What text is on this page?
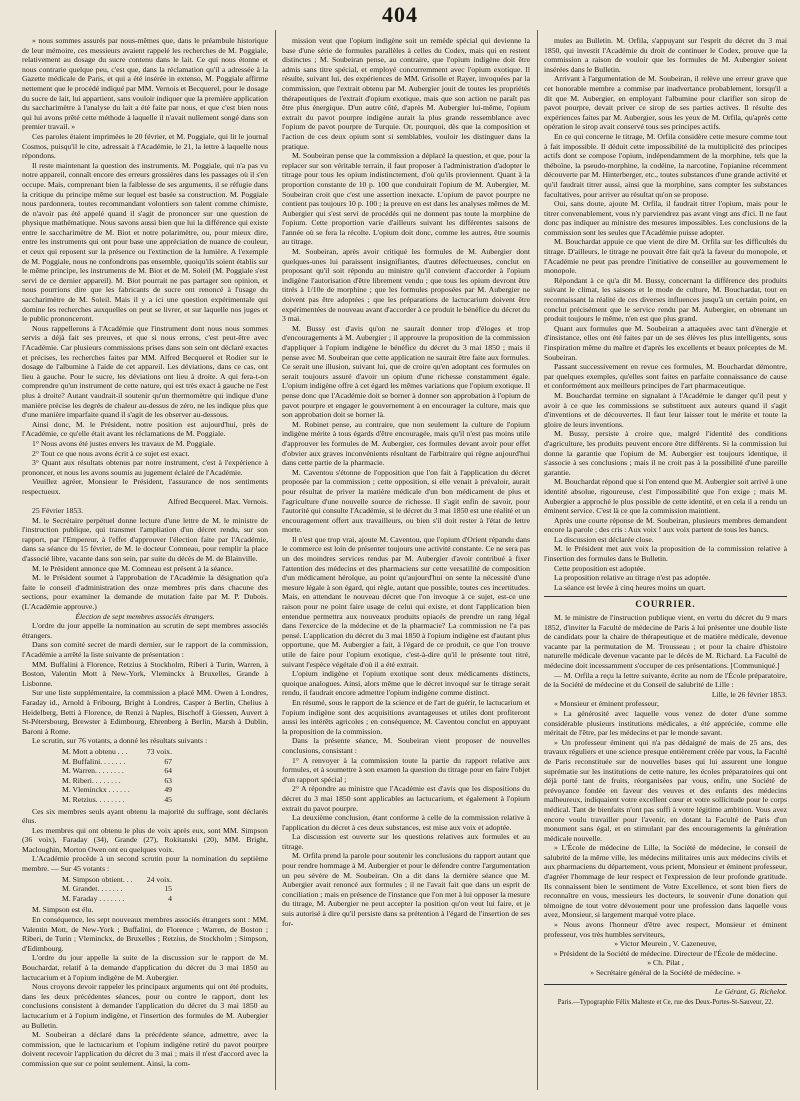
404

» nous sommes assurés par nous-mêmes que, dans le préambule historique de leur mémoire, ces messieurs avaient rappelé les recherches de M. Poggiale, relativement au dosage du sucre contenu dans le lait. Ce qui nous étonne et nous contrarie quelque peu, c'est que, dans la réclamation qu'il a adressée à la Gazette médicale de Paris, et qui a été insérée in extenso, M. Poggiale affirme nettement que le procédé indiqué par MM. Vernois et Becquerel, pour le dosage du sucre de lait, lui appartient, sans vouloir indiquer que la première application du saccharimètre à l'analyse du lait a été faite par nous, et que c'est bien nous qui lui avons prêté cette méthode à laquelle il n'avait nullement songé dans son premier travail. »

Ces paroles étaient imprimées le 20 février, et M. Poggiale, qui lit le journal Cosmos, puisqu'il le cite, adressait à l'Académie, le 21, la lettre à laquelle nous répondons.

Il reste maintenant la question des instruments. M. Poggiale, qui n'a pas vu notre appareil, connaît encore des erreurs grossières dans les passages où il s'en occupe. Mais, comprenant bien la faiblesse de ses arguments, il se réfugie dans la critique du principe même sur lequel est basée sa construction. M. Poggiale nous pardonnera, toutes recommandant volontiers son talent comme chimiste, de n'avoir pas été appelé quand il s'agit de prononcer sur une question de physique mathématique. Nous savons aussi bien que lui la différence qui existe entre le saccharimètre de M. Biot et notre polarimètre, ou, pour mieux dire, entre les instruments qui ont pour base une appréciation de nuance de couleur, et ceux qui reposent sur la présence ou l'extinction de la lumière. A l'exemple de M. Poggiale, nous ne confondrons pas ensemble, quoiqu'ils soient établis sur le même principe, les instruments de M. Biot et de M. Soleil (M. Poggiale s'est servi de ce dernier appareil). M. Biot pourrait ne pas partager son opinion, et nous pourrions dire que les fabricants de sucre ont renoncé à l'usage du saccharimètre de M. Soleil. Mais il y a ici une question expérimentale qui domine les recherches auxquelles on peut se livrer, et sur laquelle nos juges et le public prononceront.

Nous rappellerons à l'Académie que l'instrument dont nous nous sommes servis a déjà fait ses preuves, et que si nous errons, c'est peut-être avec l'Académie. Car plusieurs commissions prises dans son sein ont déclaré exactes et précises, les recherches faites par MM. Alfred Becquerel et Rodier sur le dosage de l'albumine à l'aide de cet appareil. Les déviations, dans ce cas, ont lieu à gauche. Pour le sucre, les déviations ont lieu à droite. A qui fera-t-on comprendre qu'un instrument de cette nature, qui est très exact à gauche ne l'est plus à droite? Autant vaudrait-il soutenir qu'un thermomètre qui indique d'une manière précise les degrés de chaleur au-dessus de zéro, ne les indique plus que d'une manière imparfaite quand il s'agit de les observer au-dessous.

Ainsi donc, M. le Président, notre position est aujourd'hui, près de l'Académie, ce qu'elle était avant les réclamations de M. Poggiale.

1° Nous avons été justes envers les travaux de M. Poggiale.

2° Tout ce que nous avons écrit à ce sujet est exact.

3° Quant aux résultats obtenus par notre instrument, c'est à l'expérience à prononcer, et nous les avons soumis au jugement éclairé de l'Académie.

Veuillez agréer, Monsieur le Président, l'assurance de nos sentiments respectueux.

Alfred Becquerel. Max. Vernois.

25 Février 1853.

M. le Secrétaire perpétuel donne lecture d'une lettre de M. le ministre de l'instruction publique, qui transmet l'ampliation d'un décret rendu, sur son rapport, par l'Empereur, à l'effet d'approuver l'élection faite par l'Académie, dans sa séance du 15 février, de M. le docteur Comneau, pour remplir la place d'associé libre, vacante dans son sein, par suite du décès de M. de Blainville.

M. le Président annonce que M. Comneau est présent à la séance.

M. le Président soumet à l'approbation de l'Académie la désignation qu'a faite le conseil d'administration des onze membres pris dans chacune des sections, pour examiner la demande de mutation faite par M. P. Dubois. (L'Académie approuve.)

Élection de sept membres associés étrangers.

L'ordre du jour appelle la nomination au scrutin de sept membres associés étrangers.

Dans son comité secret de mardi dernier, sur le rapport de la commission, l'Académie a arrêté la liste suivante de présentation :

MM. Buffalini à Florence, Retzius à Stockholm, Riberi à Turin, Warren, à Boston, Valentin Mott à New-York, Vleminckx à Bruxelles, Grande à Lisbonne.

Sur une liste supplémentaire, la commission a placé MM. Owen à Londres, Faraday id., Arnold à Fribourg, Bright à Londres, Casper à Berlin, Chelius à Heidelberg, Betti à Florence, de Renzi à Naples, Bischoff à Giessen, Auvert à St-Pétersbourg, Brewster à Edimbourg, Ehrenberg à Berlin, Marsh à Dublin, Baroni à Rome.

Le scrutin, sur 76 votants, a donné les résultats suivants :

M. Mott a obtenu . . .	73 voix.
M. Buffalini. . . . . . .	67
M. Warren. . . . . . . .	64
M. Riberi. . . . . . . .	63
M. Vleminckx . . . . . .	49
M. Retzius. . . . . . . .	45

Ces six membres seuls ayant obtenu la majorité du suffrage, sont déclarés élus.

Les membres qui ont obtenu le plus de voix après eux, sont MM. Simpson (36 voix), Faraday (34), Grande (27), Rokitanski (20), MM. Bright, Macloughin, Morton Owen ont eu quelques voix.

L'Académie procède à un second scrutin pour la nomination du septième membre. — Sur 45 votants :

M. Simpson obtient. . . 24 voix.
M. Grandet. . . . . . .	15
M. Faraday . . . . . . .	4

M. Simpson est élu.

En conséquence, les sept nouveaux membres associés étrangers sont : MM. Valentin Mott, de New-York ; Buffalini, de Florence ; Warren, de Boston ; Riberi, de Turin ; Vleminckx, de Bruxelles ; Retzius, de Stockholm ; Simpson, d'Edimbourg.

L'ordre du jour appelle la suite de la discussion sur le rapport de M. Bouchardat, relatif à la demande d'application du décret du 3 mai 1850 au lactucarium et à l'opium indigène de M. Aubergier.

Nous croyons devoir rappeler les principaux arguments qui ont été produits, dans les deux précédentes séances, pour ou contre le rapport, dont les conclusions consistent à demander l'application du décret du 3 mai 1850 au lactucarium et à l'opium indigène, et l'insertion des formules de M. Aubergier au Bulletin.

M. Soubeiran a déclaré dans la précédente séance, admettre, avec la commission, que le lactucarium et l'opium indigène retiré du pavot pourpre doivent recevoir l'application du décret du 3 mai ; mais il n'est d'accord avec la commission que sur ce point seulement. Ainsi, la com-

mission veut que l'opium indigène soit un remède spécial qui devienne la base d'une série de formules parallèles à celles du Codex, mais qui en restent distinctes ; M. Soubeiran pense, au contraire, que l'opium indigène doit être admis sans titre spécial, et employé concurremment avec l'opium exotique. Il résulte, suivant lui, des expériences de MM. Grisolle et Rayer, invoquées par la commission, que l'extrait obtenu par M. Aubergier jouit de toutes les propriétés thérapeutiques de l'extrait d'opium exotique, mais que son action ne paraît pas être plus énergique. D'un autre côté, d'après M. Aubergier lui-même, l'opium extrait du pavot pourpre indigène aurait la plus grande ressemblance avec l'opium de pavot pourpre de Turquie. Or, pourquoi, dès que la composition et l'action de ces deux opium sont si semblables, vouloir les distinguer dans la pratique.

M. Soubeiran pense que la commission a déplacé la question, et que, pour la replacer sur son véritable terrain, il faut proposer à l'administration d'adopter le titrage pour tous les opium indistinctement, d'où qu'ils proviennent. Quant à la proportion constante de 10 p. 100 que conduirait l'opium de M. Aubergier, M. Soubeiran croit que c'est une assertion inexacte. L'opium de pavot pourpre ne contient pas toujours 10 p. 100 ; la preuve en est dans les analyses mêmes de M. Aubergier qui s'est servi de procédés qui ne donnent pas toute la morphine de l'opium. Cette proportion varie d'ailleurs suivant les différentes saisons de l'année où se fera la récolte. L'opium doit donc, comme les autres, être soumis au titrage.

M. Soubeiran, après avoir critiqué les formules de M. Aubergier dont quelques-unes lui paraissent insignifiantes, d'autres défectueuses, conclut en proposant qu'il soit répondu au ministre qu'il convient d'accorder à l'opium indigène l'autorisation d'être librement vendu ; que tous les opium devront être titrés à 1/10e de morphine ; que les formules proposées par M. Aubergier ne doivent pas être adoptées ; que les préparations de lactucarium doivent être expérimentées de nouveau avant d'accorder à ce produit le bénéfice du décret du 3 mai.

M. Bussy est d'avis qu'on ne saurait donner trop d'éloges et trop d'encouragements à M. Aubergier ; il approuve la proposition de la commission d'appliquer à l'opium indigène le bénéfice du décret du 3 mai 1850 ; mais il pense avec M. Soubeiran que cette application ne saurait être faite aux formules. Ce serait une illusion, suivant lui, que de croire qu'en adoptant ces formules on serait toujours assuré d'avoir un opium d'une richesse constamment égale. L'opium indigène offre à cet égard les mêmes variations que l'opium exotique. Il pense donc que l'Académie doit se borner à donner son approbation à l'opium de pavot pourpre et engager le gouvernement à en encourager la culture, mais que son approbation doit se borner là.

M. Robinet pense, au contraire, que non seulement la culture de l'opium indigène mérite à tous égards d'être encouragée, mais qu'il n'est pas moins utile d'approuver les formules de M. Aubergier, ces formules devant avoir pour effet d'obvier aux graves inconvénients résultant de l'arbitraire qui règne aujourd'hui dans cette partie de la pharmacie.

M. Caventou s'étonne de l'opposition que l'on fait à l'application du décret proposée par la commission ; cette opposition, si elle venait à prévaloir, aurait pour résultat de priver la matière médicale d'un bon médicament de plus et l'agriculture d'une nouvelle source de richesse. Il s'agit enfin de savoir, pour l'autorité qui consulte l'Académie, si le décret du 3 mai 1850 est une réalité et un encouragement offert aux travailleurs, ou bien s'il doit rester à l'état de lettre morte.

Il n'est que trop vrai, ajoute M. Caventou, que l'opium d'Orient répandu dans le commerce est loin de présenter toujours une activité constante. Ce ne sera pas un des moindres services rendus par M. Aubergier d'avoir contribué à fixer l'attention des médecins et des pharmaciens sur cette versatilité de composition d'un médicament héroïque, au point qu'aujourd'hui on sente la nécessité d'une mesure légale à son égard, qui règle, autant que possible, toutes ces incertitudes. Mais, en attendant le nouveau décret que l'on invoque à ce sujet, est-ce une raison pour ne point faire usage de celui qui existe, et dont l'application bien entendue permettra aux nouveaux produits opiacés de prendre un rang légal dans l'exercice de la médecine et de la pharmacie? La commission ne l'a pas pensé. L'application du décret du 3 mai 1850 à l'opium indigène est d'autant plus opportune, que M. Aubergier a fait, à l'égard de ce produit, ce que l'on trouve utile de faire pour l'opium exotique, c'est-à-dire qu'il le présente tout titré, suivant l'espèce végétale d'où il a été extrait.

L'opium indigène et l'opium exotique sont deux médicaments distincts, quoique analogues. Ainsi, alors même que le décret invoqué sur le titrage serait rendu, il faudrait encore admettre l'opium indigène comme distinct.

En résumé, sous le rapport de la science et de l'art de guérir, le lactucarium et l'opium indigène sont des acquisitions avantageuses et utiles dont profiteront aussi les intérêts agricoles ; en conséquence, M. Caventou conclut en appuyant la proposition de la commission.

Dans la présente séance, M. Soubeiran vient proposer de nouvelles conclusions, consistant :

1° A renvoyer à la commission toute la partie du rapport relative aux formules, et à soumettre à son examen la question du titrage pour en faire l'objet d'un rapport spécial ;

2° A répondre au ministre que l'Académie est d'avis que les dispositions du décret du 3 mai 1850 sont applicables au lactucarium, et également à l'opium extrait du pavot pourpre.

La deuxième conclusion, étant conforme à celle de la commission relative à l'application du décret à ces deux substances, est mise aux voix et adoptée.

La discussion est ouverte sur les questions relatives aux formules et au titrage.

M. Orfila prend la parole pour soutenir les conclusions du rapport autant que pour rendre hommage à M. Aubergier et pour le défendre contre l'argumentation un peu sévère de M. Soubeiran. On a dit dans la dernière séance que M. Aubergier avait renoncé aux formules ; il ne l'avait fait que dans un esprit de conciliation ; mais en présence de l'instance que l'on met à lui opposer la mesure du titrage, M. Aubergier ne peut accepter la position qu'on veut lui faire, et je suis autorisé à dire qu'il persiste dans sa prétention à l'égard de l'insertion de ses for-

mules au Bulletin. M. Orfila, s'appuyant sur l'esprit du décret du 3 mai 1850, qui investit l'Académie du droit de continuer le Codex, prouve que la commission a raison de vouloir que les formules de M. Aubergier soient insérées dans le Bulletin.

Arrivant à l'argumentation de M. Soubeiran, il relève une erreur grave que cet honorable membre a commise par inadvertance probablement, lorsqu'il a dit que M. Aubergier, en employant l'albumine pour clarifier son sirop de pavot pourpre, devait priver ce sirop de ses parties actives. Il résulte des expériences faites par M. Aubergier, sous les yeux de M. Orfila, qu'après cette opération le sirop avait conservé tous ses principes actifs.

En ce qui concerne le titrage, M. Orfila considère cette mesure comme tout à fait impossible. Il déduit cette impossibilité de la multiplicité des principes actifs dont se compose l'opium, indépendamment de la morphine, tels que la théboïne, la pseudo-morphine, la codéine, la narcotine, l'opianine récemment découverte par M. Hinterberger, etc., toutes substances d'une grande activité et qu'il faudrait titrer aussi, ainsi que la morphine, sans compter les substances facultatives, pour arriver au résultat qu'on se propose.

Oui, sans doute, ajoute M. Orfila, il faudrait titrer l'opium, mais pour le titrer convenablement, vous n'y parviendrez pas avant vingt ans d'ici. Il ne faut donc pas indiquer au ministre des mesures impossibles. Les conclusions de la commission sont les seules que l'Académie puisse adopter.

M. Bouchardat appuie ce que vient de dire M. Orfila sur les difficultés du titrage. D'ailleurs, le titrage ne pouvait être fait qu'à la faveur du monopole, et l'Académie ne peut pas prendre l'initiative de conseiller au gouvernement le monopole.

Répondant à ce qu'a dit M. Bussy, concernant la différence des produits suivant le climat, les saisons et le mode de culture, M. Bouchardat, tout en reconnaissant la réalité de ces diverses influences jusqu'à un certain point, en conclut précisément que le service rendu par M. Aubergier, en obtenant un produit toujours le même, n'en est que plus grand.

Quant aux formules que M. Soubeiran a attaquées avec tant d'énergie et d'insistance, elles ont été faites par un de ses élèves les plus intelligents, sous l'inspiration même du maître et d'après les excellents et beaux préceptes de M. Soubeiran.

Passant successivement en revue ces formules, M. Bouchardat démontre, par quelques exemples, qu'elles sont faites en parfaite connaissance de cause et conformément aux meilleurs principes de l'art pharmaceutique.

M. Bouchardat termine en signalant à l'Académie le danger qu'il peut y avoir à ce que les commissions se substituent aux auteurs quand il s'agit d'inventions et de découvertes. Il faut leur laisser tout le mérite et toute la gloire de leurs inventions.

M. Bussy, persiste à croire que, malgré l'identité des conditions d'agriculture, les produits peuvent encore être différents. Si la commission lui donne la garantie que l'opium de M. Aubergier est toujours identique, il s'associe à ses conclusions ; mais il ne croit pas à la possibilité d'une pareille garantie.

M. Bouchardat répond que si l'on entend que M. Aubergier soit arrivé à une identité absolue, rigoureuse, c'est l'impossibilité que l'on exige ; mais M. Aubergier a approché le plus possible de cette identité, et en cela il a rendu un éminent service. C'est là ce que la commission maintient.

Après une courte réponse de M. Soubeiran, plusieurs membres demandent encore la parole ; des cris : Aux voix ! aux voix partent de tous les bancs.

La discussion est déclarée close.

M. le Président met aux voix la proposition de la commission relative à l'insertion des formules dans le Bulletin.

Cette proposition est adoptée.

La proposition relative au titrage n'est pas adoptée.

La séance est levée à cinq heures moins un quart.

COURRIER.

M. le ministre de l'instruction publique vient, en vertu du décret du 9 mars 1852, d'inviter la Faculté de médecine de Paris à lui présenter une double liste de candidats pour la chaire de thérapeutique et de matière médicale, devenue vacante par la permutation de M. Trousseau ; et pour la chaire d'histoire naturelle médicale devenue vacante par le décès de M. Richard. La Faculté de médecine doit incessamment s'occuper de ces présentations. [Communiqué.]

— M. Orfila a reçu la lettre suivante, écrite au nom de l'École préparatoire, de la Société de médecine et du Conseil de salubrité de Lille :

Lille, le 26 février 1853.

« Monsieur et éminent professeur,

» La générosité avec laquelle vous venez de doter d'une somme considérable plusieurs institutions médicales, a été appréciée, comme elle méritait de l'être, par les médecins et par le monde savant.

» Un professeur éminent qui n'a pas dédaigné de mais de 25 ans, des travaux réguliers et une science presque entièrement créée par vous, la Faculté de Paris reconstituée sur de nouvelles bases qui lui assurent une longue suprématie sur les institutions de cette nature, les écoles préparatoires qui ont déjà porté tant de fruits, réorganisées par vous, enfin, une Société de prévoyance fondée en faveur des veuves et des enfants des médecins malheureux, indiquaient votre excellent cœur et votre sollicitude pour le corps médical. Tant de bienfaits n'ont pas suffi à votre légitime ambition. Vous avez encore voulu travailler pour l'avenir, en dotant la Faculté de Paris d'un monument sans égal, et en stimulant par des encouragements la génération médicale nouvelle.

» L'École de médecine de Lille, la Société de médecine, le conseil de salubrité de la même ville, les médecins militaires unis aux médecins civils et aux pharmaciens du département, vous prient, Monsieur et éminent professeur, d'agréer l'hommage de leur respect et l'expression de leur profonde gratitude. Ils connaissent bien le sentiment de Votre Excellence, et sont bien fiers de reconnaître en vous, messieurs les docteurs, le souvenir d'une donation qui témoigne de tout votre dévouement pour une profession dans laquelle vous avez, Monsieur, si largement marqué votre place.

» Nous avons l'honneur d'être avec respect, Monsieur et éminent professeur, vos très humbles serviteurs,

» Victor Meurein , V. Cazeneuve,

» Président de la Société de médecine. Directeur de l'École de médecine.

» Ch. Pilat ,

» Secrétaire général de la Société de médecine. »

Le Gérant, G. Richelot.
Paris.—Typographie Félix Malteste et Ce, rue des Deux-Portes-St-Sauveur, 22.
